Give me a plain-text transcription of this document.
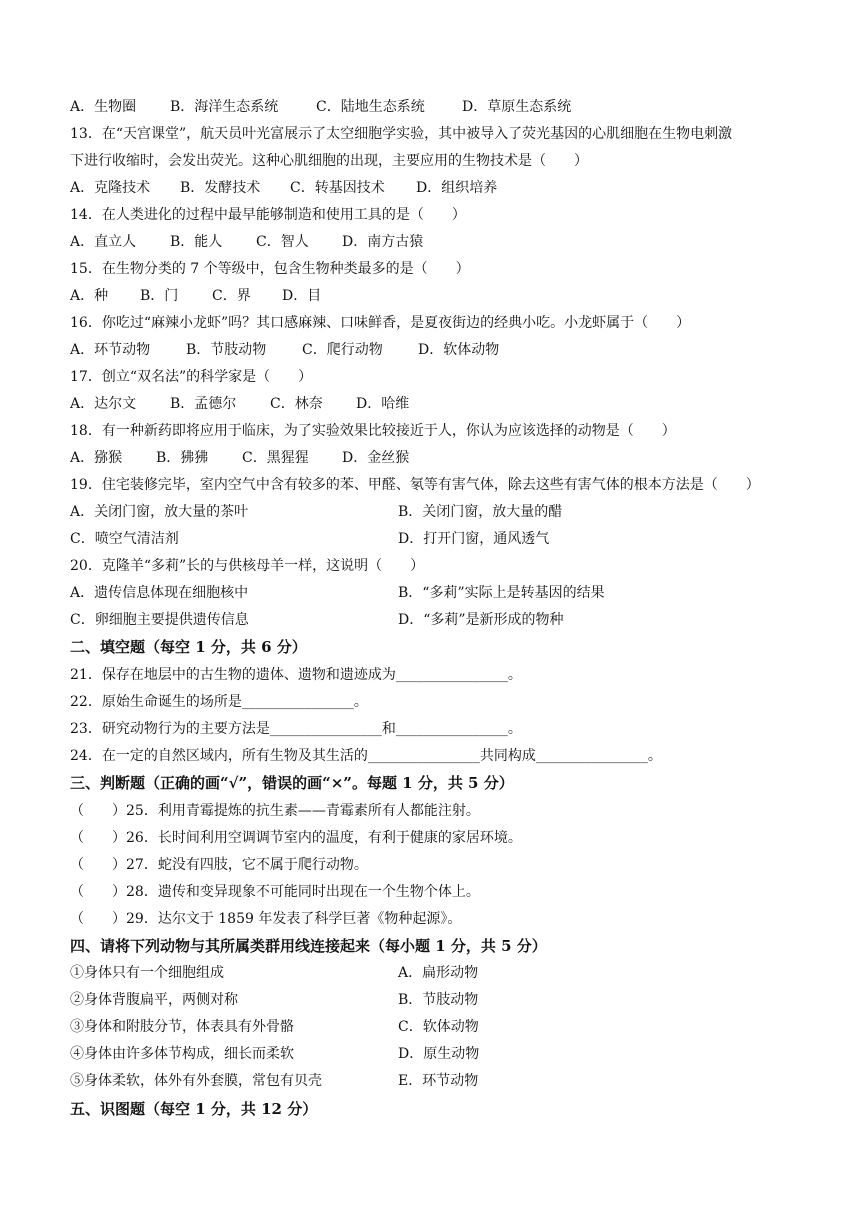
A．生物圈 B．海洋生态系统	C．陆地生态系统	D．草原生态系统
13．在“天宫课堂”，航天员叶光富展示了太空细胞学实验，其中被导入了荧光基因的心肌细胞在生物电刺激
下进行收缩时，会发出荧光。这种心肌细胞的出现，主要应用的生物技术是（　　）
A．克隆技术 B．发酵技术 C．转基因技术 D．组织培养
14．在人类进化的过程中最早能够制造和使用工具的是（　　）
A．直立人 B．能人 C．智人 D．南方古猿
15．在生物分类的 7 个等级中，包含生物种类最多的是（　　）
A．种 B．门 C．界 D．目
16．你吃过“麻辣小龙虾”吗？其口感麻辣、口味鲜香，是夏夜街边的经典小吃。小龙虾属于（　　）
A．环节动物	B．节肢动物	C．爬行动物	D．软体动物
17．创立“双名法”的科学家是（　　）
A．达尔文 B．孟德尔 C．林奈 D．哈维
18．有一种新药即将应用于临床，为了实验效果比较接近于人，你认为应该选择的动物是（　　）
A．猕猴 B．狒狒 C．黑猩猩 D．金丝猴
19．住宅装修完毕，室内空气中含有较多的苯、甲醛、氡等有害气体，除去这些有害气体的根本方法是（　　）
A．关闭门窗，放大量的茶叶	B．关闭门窗，放大量的醋
C．喷空气清洁剂	D．打开门窗，通风透气
20．克隆羊“多莉”长的与供核母羊一样，这说明（　　）
A．遗传信息体现在细胞核中	B．“多莉”实际上是转基因的结果
C．卵细胞主要提供遗传信息	D．“多莉”是新形成的物种
二、填空题（每空 1 分，共 6 分）
21．保存在地层中的古生物的遗体、遗物和遗迹成为________________。
22．原始生命诞生的场所是________________。
23．研究动物行为的主要方法是________________和________________。
24．在一定的自然区域内，所有生物及其生活的________________共同构成________________。
三、判断题（正确的画“√”，错误的画“×”。每题 1 分，共 5 分）
（　　）25．利用青霉提炼的抗生素——青霉素所有人都能注射。
（　　）26．长时间利用空调调节室内的温度，有利于健康的家居环境。
（　　）27．蛇没有四肢，它不属于爬行动物。
（　　）28．遗传和变异现象不可能同时出现在一个生物个体上。
（　　）29．达尔文于 1859 年发表了科学巨著《物种起源》。
四、请将下列动物与其所属类群用线连接起来（每小题 1 分，共 5 分）
①身体只有一个细胞组成	A．扁形动物
②身体背腹扁平，两侧对称	B．节肢动物
③身体和附肢分节，体表具有外骨骼	C．软体动物
④身体由许多体节构成，细长而柔软	D．原生动物
⑤身体柔软，体外有外套膜，常包有贝壳	E．环节动物
五、识图题（每空 1 分，共 12 分）
